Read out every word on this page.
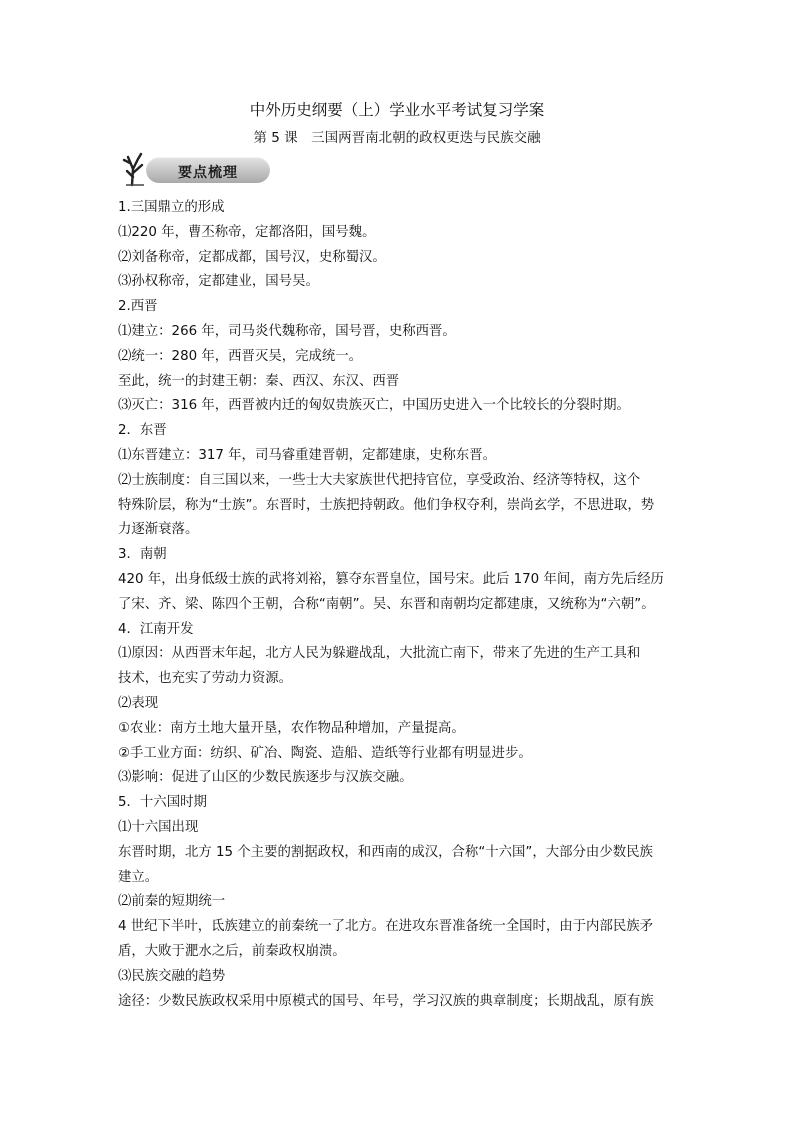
中外历史纲要（上）学业水平考试复习学案
第 5 课　三国两晋南北朝的政权更迭与民族交融
要点梳理
1.三国鼎立的形成
⑴220 年，曹丕称帝，定都洛阳，国号魏。
⑵刘备称帝，定都成都，国号汉，史称蜀汉。
⑶孙权称帝，定都建业，国号吴。
2.西晋
⑴建立：266 年，司马炎代魏称帝，国号晋，史称西晋。
⑵统一：280 年，西晋灭吴，完成统一。
至此，统一的封建王朝：秦、西汉、东汉、西晋
⑶灭亡：316 年，西晋被内迁的匈奴贵族灭亡，中国历史进入一个比较长的分裂时期。
2．东晋
⑴东晋建立：317 年，司马睿重建晋朝，定都建康，史称东晋。
⑵士族制度：自三国以来，一些士大夫家族世代把持官位，享受政治、经济等特权，这个
特殊阶层，称为“士族”。东晋时，士族把持朝政。他们争权夺利，崇尚玄学，不思进取，势
力逐渐衰落。
3．南朝
420 年，出身低级士族的武将刘裕，篡夺东晋皇位，国号宋。此后 170 年间，南方先后经历
了宋、齐、梁、陈四个王朝，合称“南朝”。吴、东晋和南朝均定都建康，又统称为“六朝”。
4．江南开发
⑴原因：从西晋末年起，北方人民为躲避战乱，大批流亡南下，带来了先进的生产工具和
技术，也充实了劳动力资源。
⑵表现
①农业：南方土地大量开垦，农作物品种增加，产量提高。
②手工业方面：纺织、矿冶、陶瓷、造船、造纸等行业都有明显进步。
⑶影响：促进了山区的少数民族逐步与汉族交融。
5．十六国时期
⑴十六国出现
东晋时期，北方 15 个主要的割据政权，和西南的成汉，合称“十六国”，大部分由少数民族
建立。
⑵前秦的短期统一
4 世纪下半叶，氐族建立的前秦统一了北方。在进攻东晋准备统一全国时，由于内部民族矛
盾，大败于淝水之后，前秦政权崩溃。
⑶民族交融的趋势
途径：少数民族政权采用中原模式的国号、年号，学习汉族的典章制度；长期战乱，原有族
